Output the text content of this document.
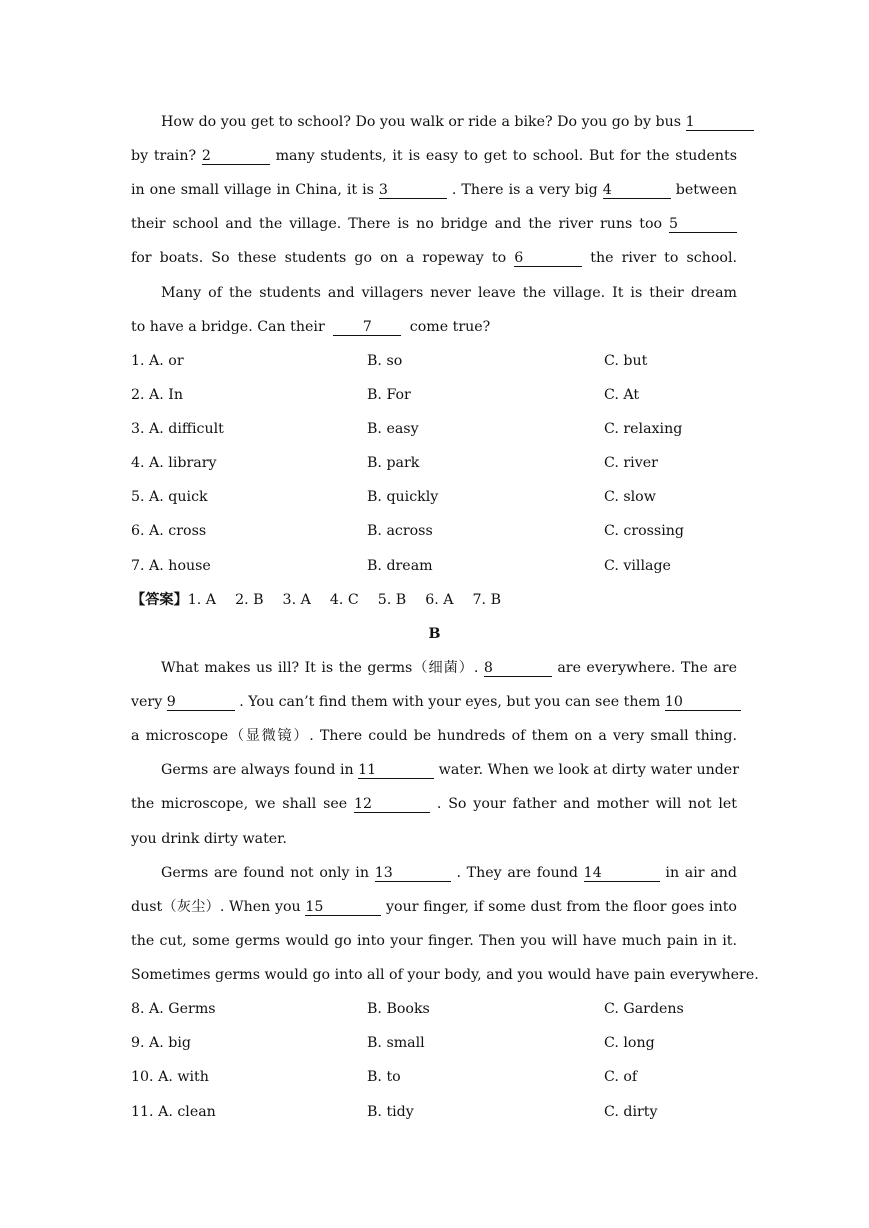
How do you get to school? Do you walk or ride a bike? Do you go by bus 1
by train? 2	many students, it is easy to get to school. But for the students
in one small village in China, it is 3	. There is a very big 4	between
their school and the village. There is no bridge and the river runs too 5
for boats. So these students go on a ropeway to 6	the river to school.
Many of the students and villagers never leave the village. It is their dream
to have a bridge. Can their	7	come true?
1. A. or	B. so	C. but
2. A. In	B. For	C. At
3. A. difficult	B. easy	C. relaxing
4. A. library	B. park	C. river
5. A. quick	B. quickly	C. slow
6. A. cross	B. across	C. crossing
7. A. house	B. dream	C. village
【答案】1. A 2. B 3. A 4. C 5. B 6. A 7. B
B
What makes us ill? It is the germs（细菌）. 8	are everywhere. The are
very 9	. You can’t find them with your eyes, but you can see them 10
a microscope（显微镜）. There could be hundreds of them on a very small thing.
Germs are always found in 11	water. When we look at dirty water under
the microscope, we shall see 12	. So your father and mother will not let
you drink dirty water.
Germs are found not only in 13	. They are found 14	in air and
dust（灰尘）. When you 15	your finger, if some dust from the floor goes into
the cut, some germs would go into your finger. Then you will have much pain in it.
Sometimes germs would go into all of your body, and you would have pain everywhere.
8. A. Germs	B. Books	C. Gardens
9. A. big	B. small	C. long
10. A. with	B. to	C. of
11. A. clean	B. tidy	C. dirty
